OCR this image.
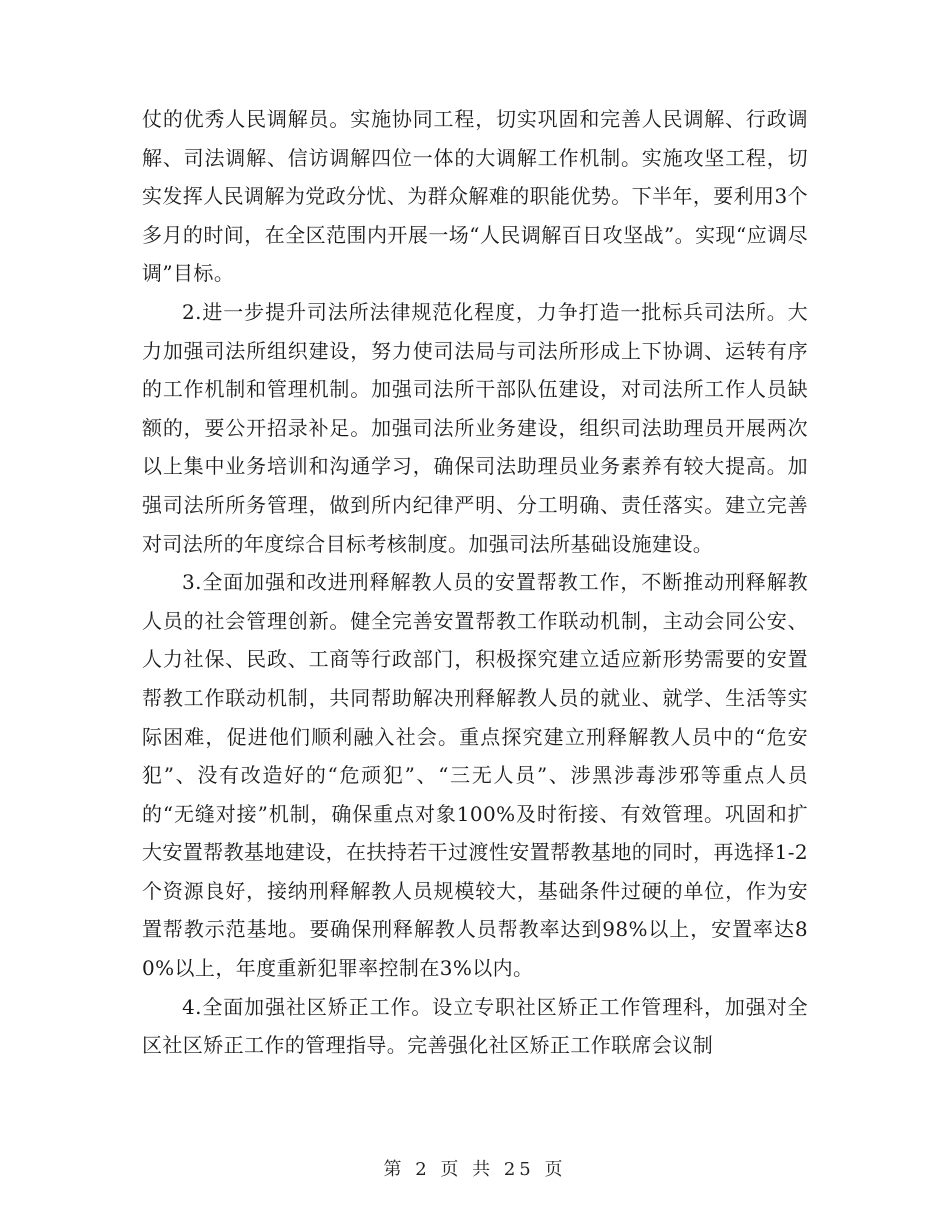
仗的优秀人民调解员。实施协同工程，切实巩固和完善人民调解、行政调解、司法调解、信访调解四位一体的大调解工作机制。实施攻坚工程，切实发挥人民调解为党政分忧、为群众解难的职能优势。下半年，要利用3个多月的时间，在全区范围内开展一场“人民调解百日攻坚战”。实现“应调尽调”目标。

2.进一步提升司法所法律规范化程度，力争打造一批标兵司法所。大力加强司法所组织建设，努力使司法局与司法所形成上下协调、运转有序的工作机制和管理机制。加强司法所干部队伍建设，对司法所工作人员缺额的，要公开招录补足。加强司法所业务建设，组织司法助理员开展两次以上集中业务培训和沟通学习，确保司法助理员业务素养有较大提高。加强司法所所务管理，做到所内纪律严明、分工明确、责任落实。建立完善对司法所的年度综合目标考核制度。加强司法所基础设施建设。

3.全面加强和改进刑释解教人员的安置帮教工作，不断推动刑释解教人员的社会管理创新。健全完善安置帮教工作联动机制，主动会同公安、人力社保、民政、工商等行政部门，积极探究建立适应新形势需要的安置帮教工作联动机制，共同帮助解决刑释解教人员的就业、就学、生活等实际困难，促进他们顺利融入社会。重点探究建立刑释解教人员中的“危安犯”、没有改造好的“危顽犯”、“三无人员”、涉黑涉毒涉邪等重点人员的“无缝对接”机制，确保重点对象100%及时衔接、有效管理。巩固和扩大安置帮教基地建设，在扶持若干过渡性安置帮教基地的同时，再选择1-2个资源良好，接纳刑释解教人员规模较大，基础条件过硬的单位，作为安置帮教示范基地。要确保刑释解教人员帮教率达到98%以上，安置率达80%以上，年度重新犯罪率控制在3%以内。

4.全面加强社区矫正工作。设立专职社区矫正工作管理科，加强对全区社区矫正工作的管理指导。完善强化社区矫正工作联席会议制

第 2 页 共 25 页
